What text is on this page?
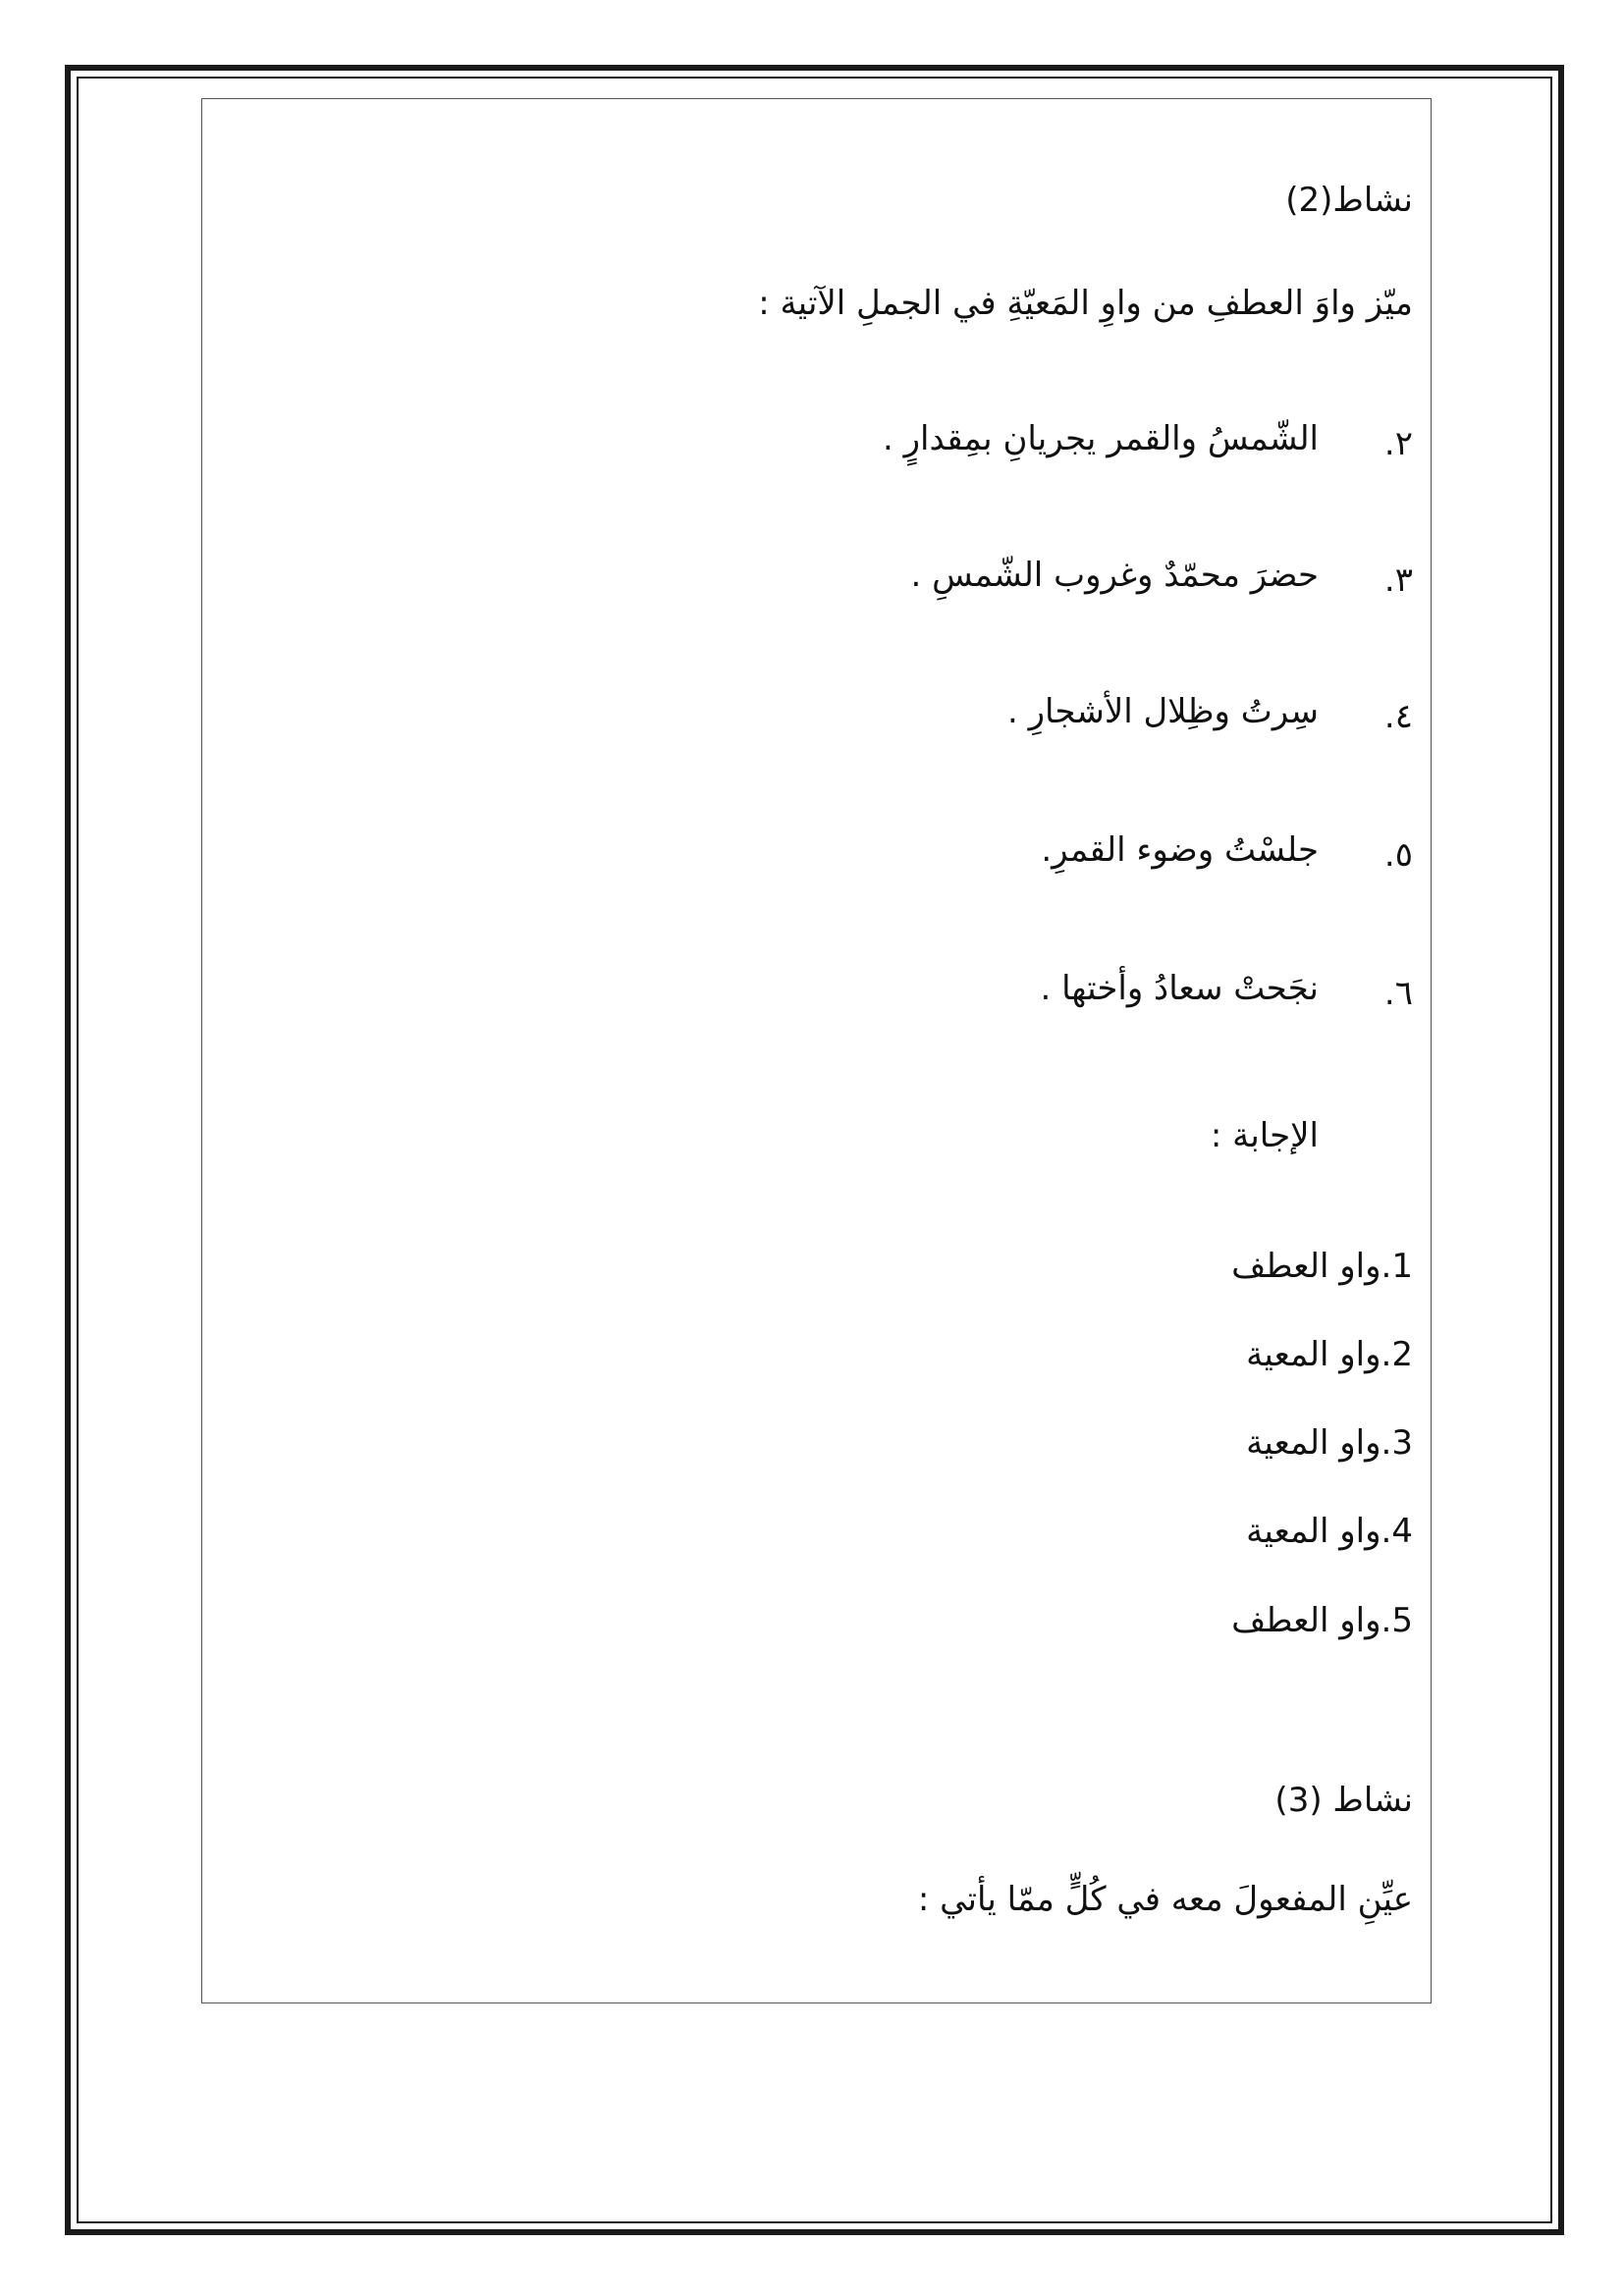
نشاط(2)
ميّز واوَ العطفِ من واوِ المَعيّةِ في الجملِ الآتية :
٢.
الشّمسُ والقمر يجريانِ بمِقدارٍ .
٣.
حضرَ محمّدٌ وغروب الشّمسِ .
٤.
سِرتُ وظِلال الأشجارِ .
٥.
جلسْتُ وضوء القمرِ.
٦.
نجَحتْ سعادُ وأختها .
الإجابة :
1.واو العطف
2.واو المعية
3.واو المعية
4.واو المعية
5.واو العطف
نشاط (3)
عيِّنِ المفعولَ معه في كُلٍّ ممّا يأتي :
